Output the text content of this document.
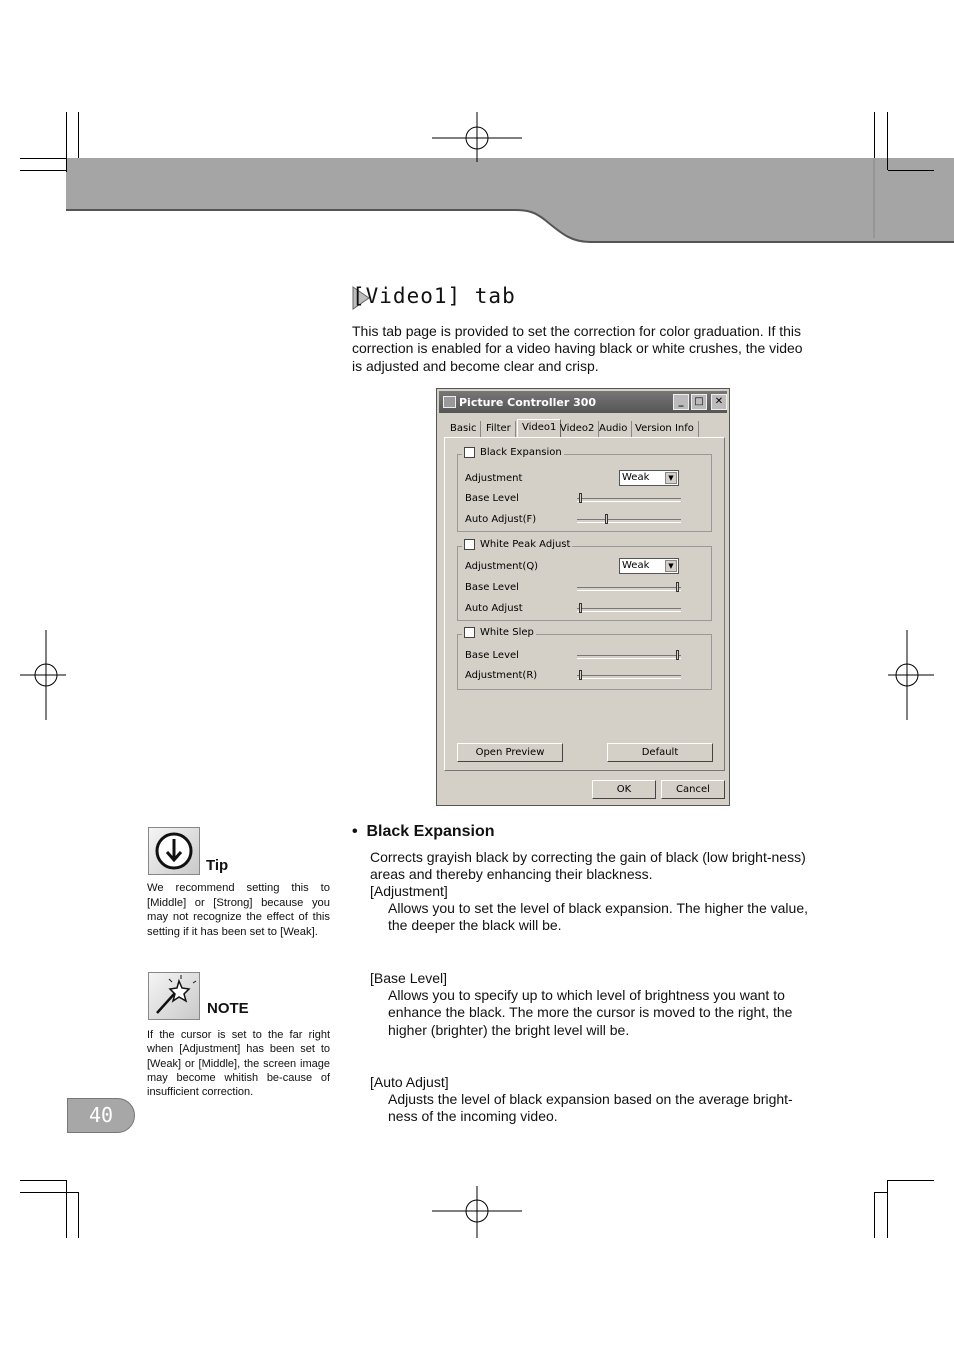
[Video1] tab
This tab page is provided to set the correction for color graduation. If this correction is enabled for a video having black or white crushes, the video is adjusted and become clear and crisp.
Picture Controller 300	_	□	✕
Basic Filter	Video1 Video2 Audio Version Info
Black Expansion
Adjustment	Weak	▼
Base Level
Auto Adjust(F)
White Peak Adjust
Adjustment(Q)	Weak	▼
Base Level
Auto Adjust
White Slep
Base Level
Adjustment(R)
Open Preview	Default
OK	Cancel
• Black Expansion
Corrects grayish black by correcting the gain of black (low bright-ness) areas and thereby enhancing their blackness.
[Adjustment]
Allows you to set the level of black expansion. The higher the value, the deeper the black will be.
[Base Level]
Allows you to specify up to which level of brightness you want to enhance the black. The more the cursor is moved to the right, the higher (brighter) the bright level will be.
[Auto Adjust]
Adjusts the level of black expansion based on the average bright-ness of the incoming video.
Tip
We recommend setting this to [Middle] or [Strong] because you may not recognize the effect of this setting if it has been set to [Weak].
NOTE
If the cursor is set to the far right when [Adjustment] has been set to [Weak] or [Middle], the screen image may become whitish be-cause of insufficient correction.
40
